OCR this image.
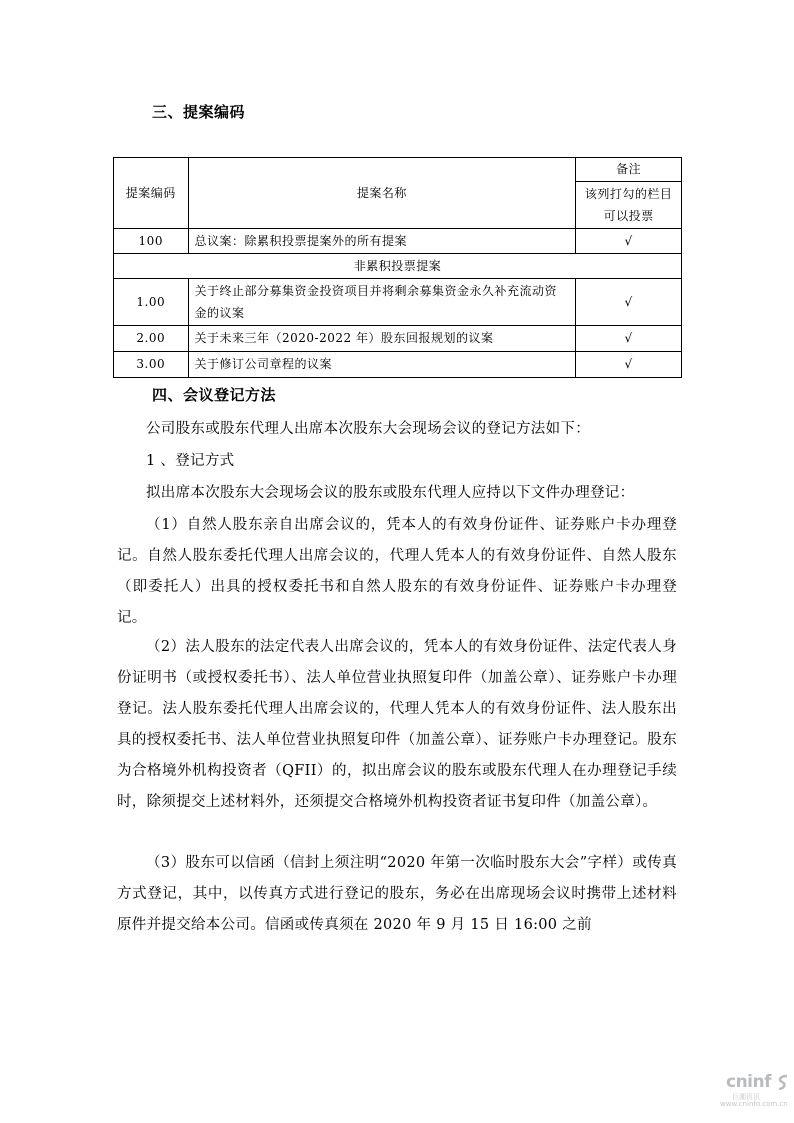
三、提案编码
提案编码	提案名称	备注
		该列打勾的栏目可以投票
100	总议案：除累积投票提案外的所有提案	√
非累积投票提案		
1.00	关于终止部分募集资金投资项目并将剩余募集资金永久补充流动资金的议案	√
2.00	关于未来三年（2020-2022 年）股东回报规划的议案	√
3.00	关于修订公司章程的议案	√
四、会议登记方法
公司股东或股东代理人出席本次股东大会现场会议的登记方法如下：
1 、登记方式
拟出席本次股东大会现场会议的股东或股东代理人应持以下文件办理登记：
（1）自然人股东亲自出席会议的，凭本人的有效身份证件、证券账户卡办理登记。自然人股东委托代理人出席会议的，代理人凭本人的有效身份证件、自然人股东（即委托人）出具的授权委托书和自然人股东的有效身份证件、证券账户卡办理登记。
（2）法人股东的法定代表人出席会议的，凭本人的有效身份证件、法定代表人身份证明书（或授权委托书）、法人单位营业执照复印件（加盖公章）、证券账户卡办理登记。法人股东委托代理人出席会议的，代理人凭本人的有效身份证件、法人股东出具的授权委托书、法人单位营业执照复印件（加盖公章）、证券账户卡办理登记。股东为合格境外机构投资者（QFII）的，拟出席会议的股东或股东代理人在办理登记手续时，除须提交上述材料外，还须提交合格境外机构投资者证书复印件（加盖公章）。
（3）股东可以信函（信封上须注明“2020 年第一次临时股东大会”字样）或传真方式登记，其中，以传真方式进行登记的股东，务必在出席现场会议时携带上述材料原件并提交给本公司。信函或传真须在 2020 年 9 月 15 日 16:00 之前
cninf
巨潮资讯
www.cninfo.com.cn
